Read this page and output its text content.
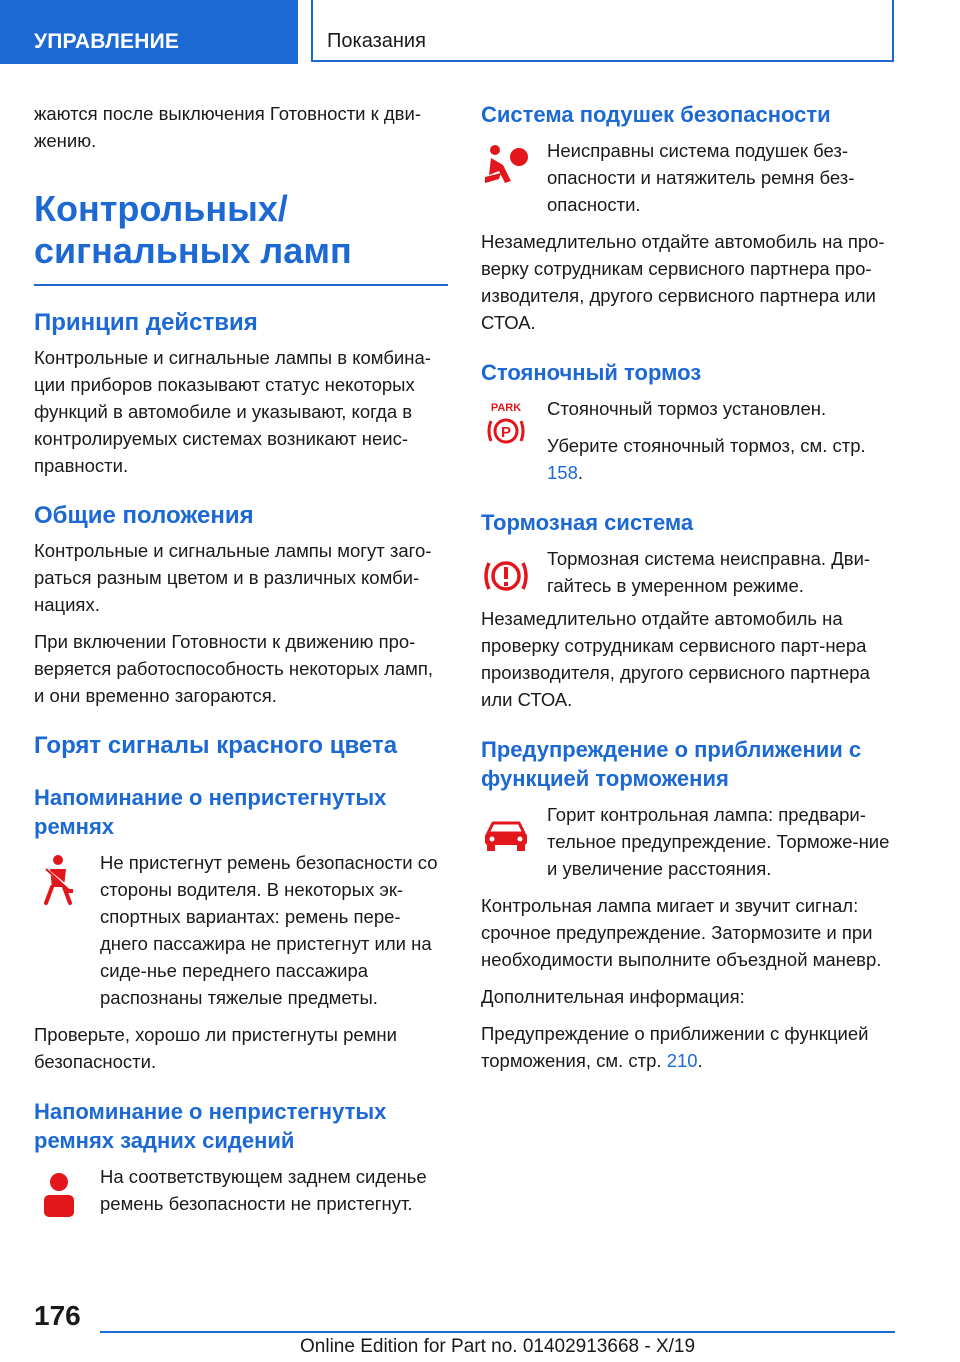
УПРАВЛЕНИЕ	Показания

жаются после выключения Готовности к дви-жению.

Контрольных/сигнальных ламп
Принцип действия

Контрольные и сигнальные лампы в комбина-ции приборов показывают статус некоторых функций в автомобиле и указывают, когда в контролируемых системах возникают неис-правности.

Общие положения

Контрольные и сигнальные лампы могут заго-раться разным цветом и в различных комби-нациях.

При включении Готовности к движению про-веряется работоспособность некоторых ламп, и они временно загораются.

Горят сигналы красного цвета
Напоминание о непристегнутых ремнях

Не пристегнут ремень безопасности со стороны водителя. В некоторых эк-спортных вариантах: ремень пере-днего пассажира не пристегнут или на сиде-нье переднего пассажира распознаны тяжелые предметы.

Проверьте, хорошо ли пристегнуты ремни безопасности.

Напоминание о непристегнутых ремнях задних сидений

На соответствующем заднем сиденье ремень безопасности не пристегнут.

Система подушек безопасности

Неисправны система подушек без-опасности и натяжитель ремня без-опасности.

Незамедлительно отдайте автомобиль на про-верку сотрудникам сервисного партнера про-изводителя, другого сервисного партнера или СТОА.

Стояночный тормоз
PARK
P

Стояночный тормоз установлен.

Уберите стояночный тормоз, см. стр. 158.

Тормозная система

Тормозная система неисправна. Дви-гайтесь в умеренном режиме.

Незамедлительно отдайте автомобиль на проверку сотрудникам сервисного парт-нера производителя, другого сервисного партнера или СТОА.

Предупреждение о приближении с функцией торможения

Горит контрольная лампа: предвари-тельное предупреждение. Торможе-ние и увеличение расстояния.

Контрольная лампа мигает и звучит сигнал: срочное предупреждение. Затормозите и при необходимости выполните объездной маневр.

Дополнительная информация:

Предупреждение о приближении с функцией торможения, см. стр. 210.

176
Online Edition for Part no. 01402913668 - X/19
